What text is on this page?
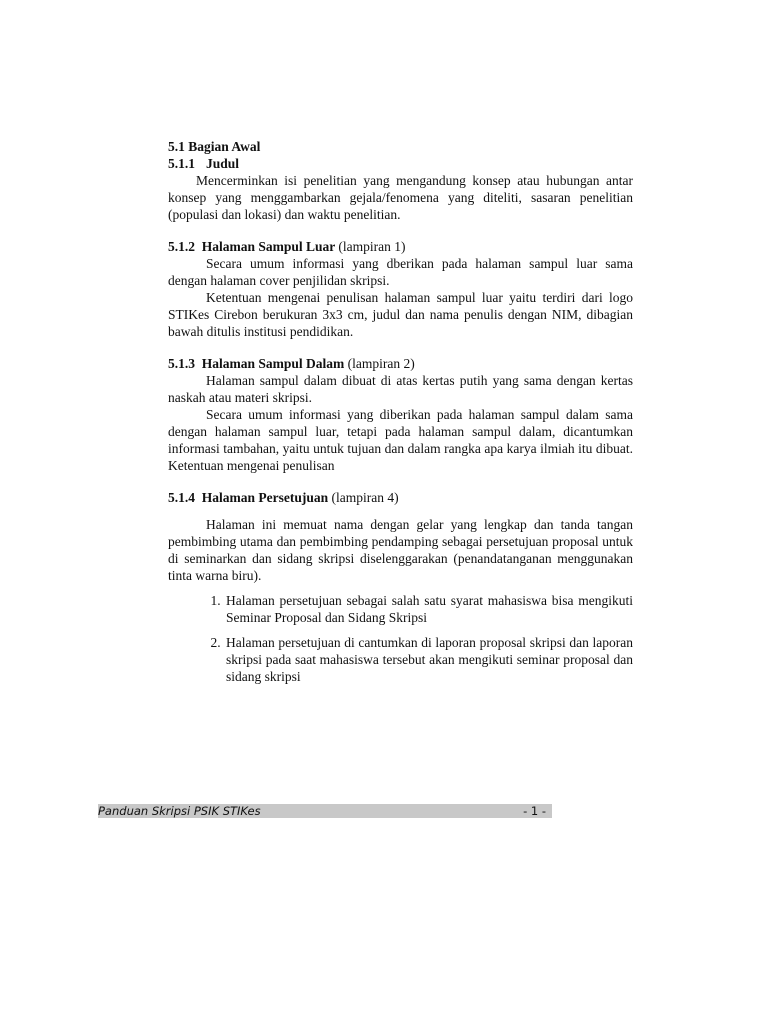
5.1 Bagian Awal
5.1.1 Judul

Mencerminkan isi penelitian yang mengandung konsep atau hubungan antar konsep yang menggambarkan gejala/fenomena yang diteliti, sasaran penelitian (populasi dan lokasi) dan waktu penelitian.

5.1.2 Halaman Sampul Luar (lampiran 1)

Secara umum informasi yang dberikan pada halaman sampul luar sama dengan halaman cover penjilidan skripsi.

Ketentuan mengenai penulisan halaman sampul luar yaitu terdiri dari logo STIKes Cirebon berukuran 3x3 cm, judul dan nama penulis dengan NIM, dibagian bawah ditulis institusi pendidikan.

5.1.3 Halaman Sampul Dalam (lampiran 2)

Halaman sampul dalam dibuat di atas kertas putih yang sama dengan kertas naskah atau materi skripsi.

Secara umum informasi yang diberikan pada halaman sampul dalam sama dengan halaman sampul luar, tetapi pada halaman sampul dalam, dicantumkan informasi tambahan, yaitu untuk tujuan dan dalam rangka apa karya ilmiah itu dibuat. Ketentuan mengenai penulisan

5.1.4 Halaman Persetujuan (lampiran 4)

Halaman ini memuat nama dengan gelar yang lengkap dan tanda tangan pembimbing utama dan pembimbing pendamping sebagai persetujuan proposal untuk di seminarkan dan sidang skripsi diselenggarakan (penandatanganan menggunakan tinta warna biru).

1. Halaman persetujuan sebagai salah satu syarat mahasiswa bisa mengikuti Seminar Proposal dan Sidang Skripsi
2. Halaman persetujuan di cantumkan di laporan proposal skripsi dan laporan skripsi pada saat mahasiswa tersebut akan mengikuti seminar proposal dan sidang skripsi
Panduan Skripsi PSIK STIKes	- 1 -
